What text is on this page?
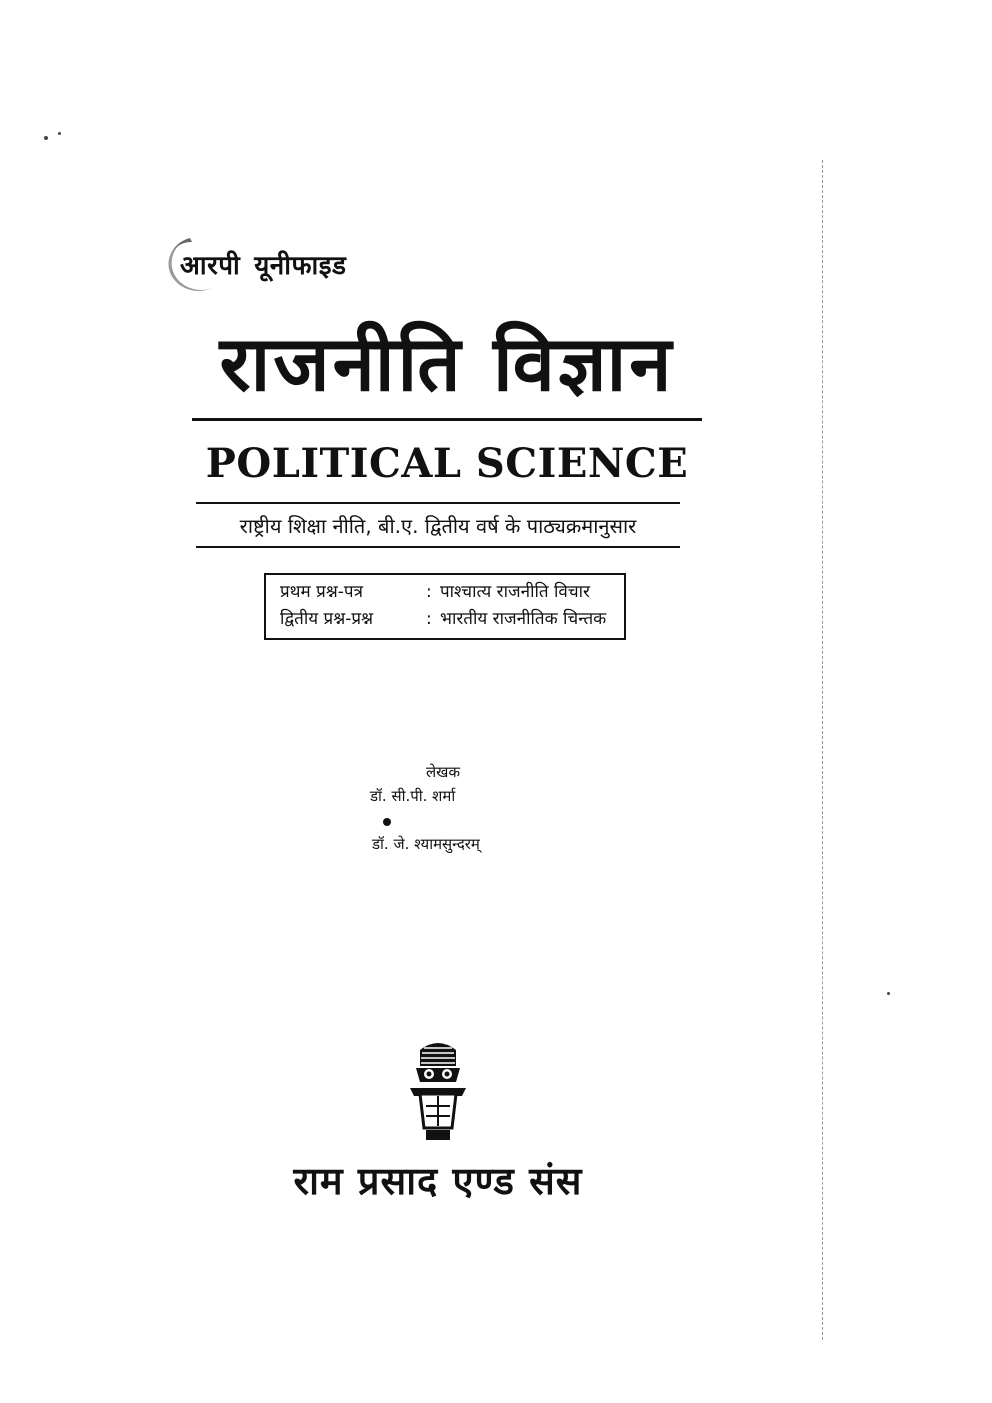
आरपी यूनीफाइड
राजनीति विज्ञान
POLITICAL SCIENCE
राष्ट्रीय शिक्षा नीति, बी.ए. द्वितीय वर्ष के पाठ्यक्रमानुसार
प्रथम प्रश्न-पत्र	: पाश्चात्य राजनीति विचार
द्वितीय प्रश्न-प्रश्न	: भारतीय राजनीतिक चिन्तक
लेखक
डॉ. सी.पी. शर्मा
डॉ. जे. श्यामसुन्दरम्
राम प्रसाद एण्ड संस
